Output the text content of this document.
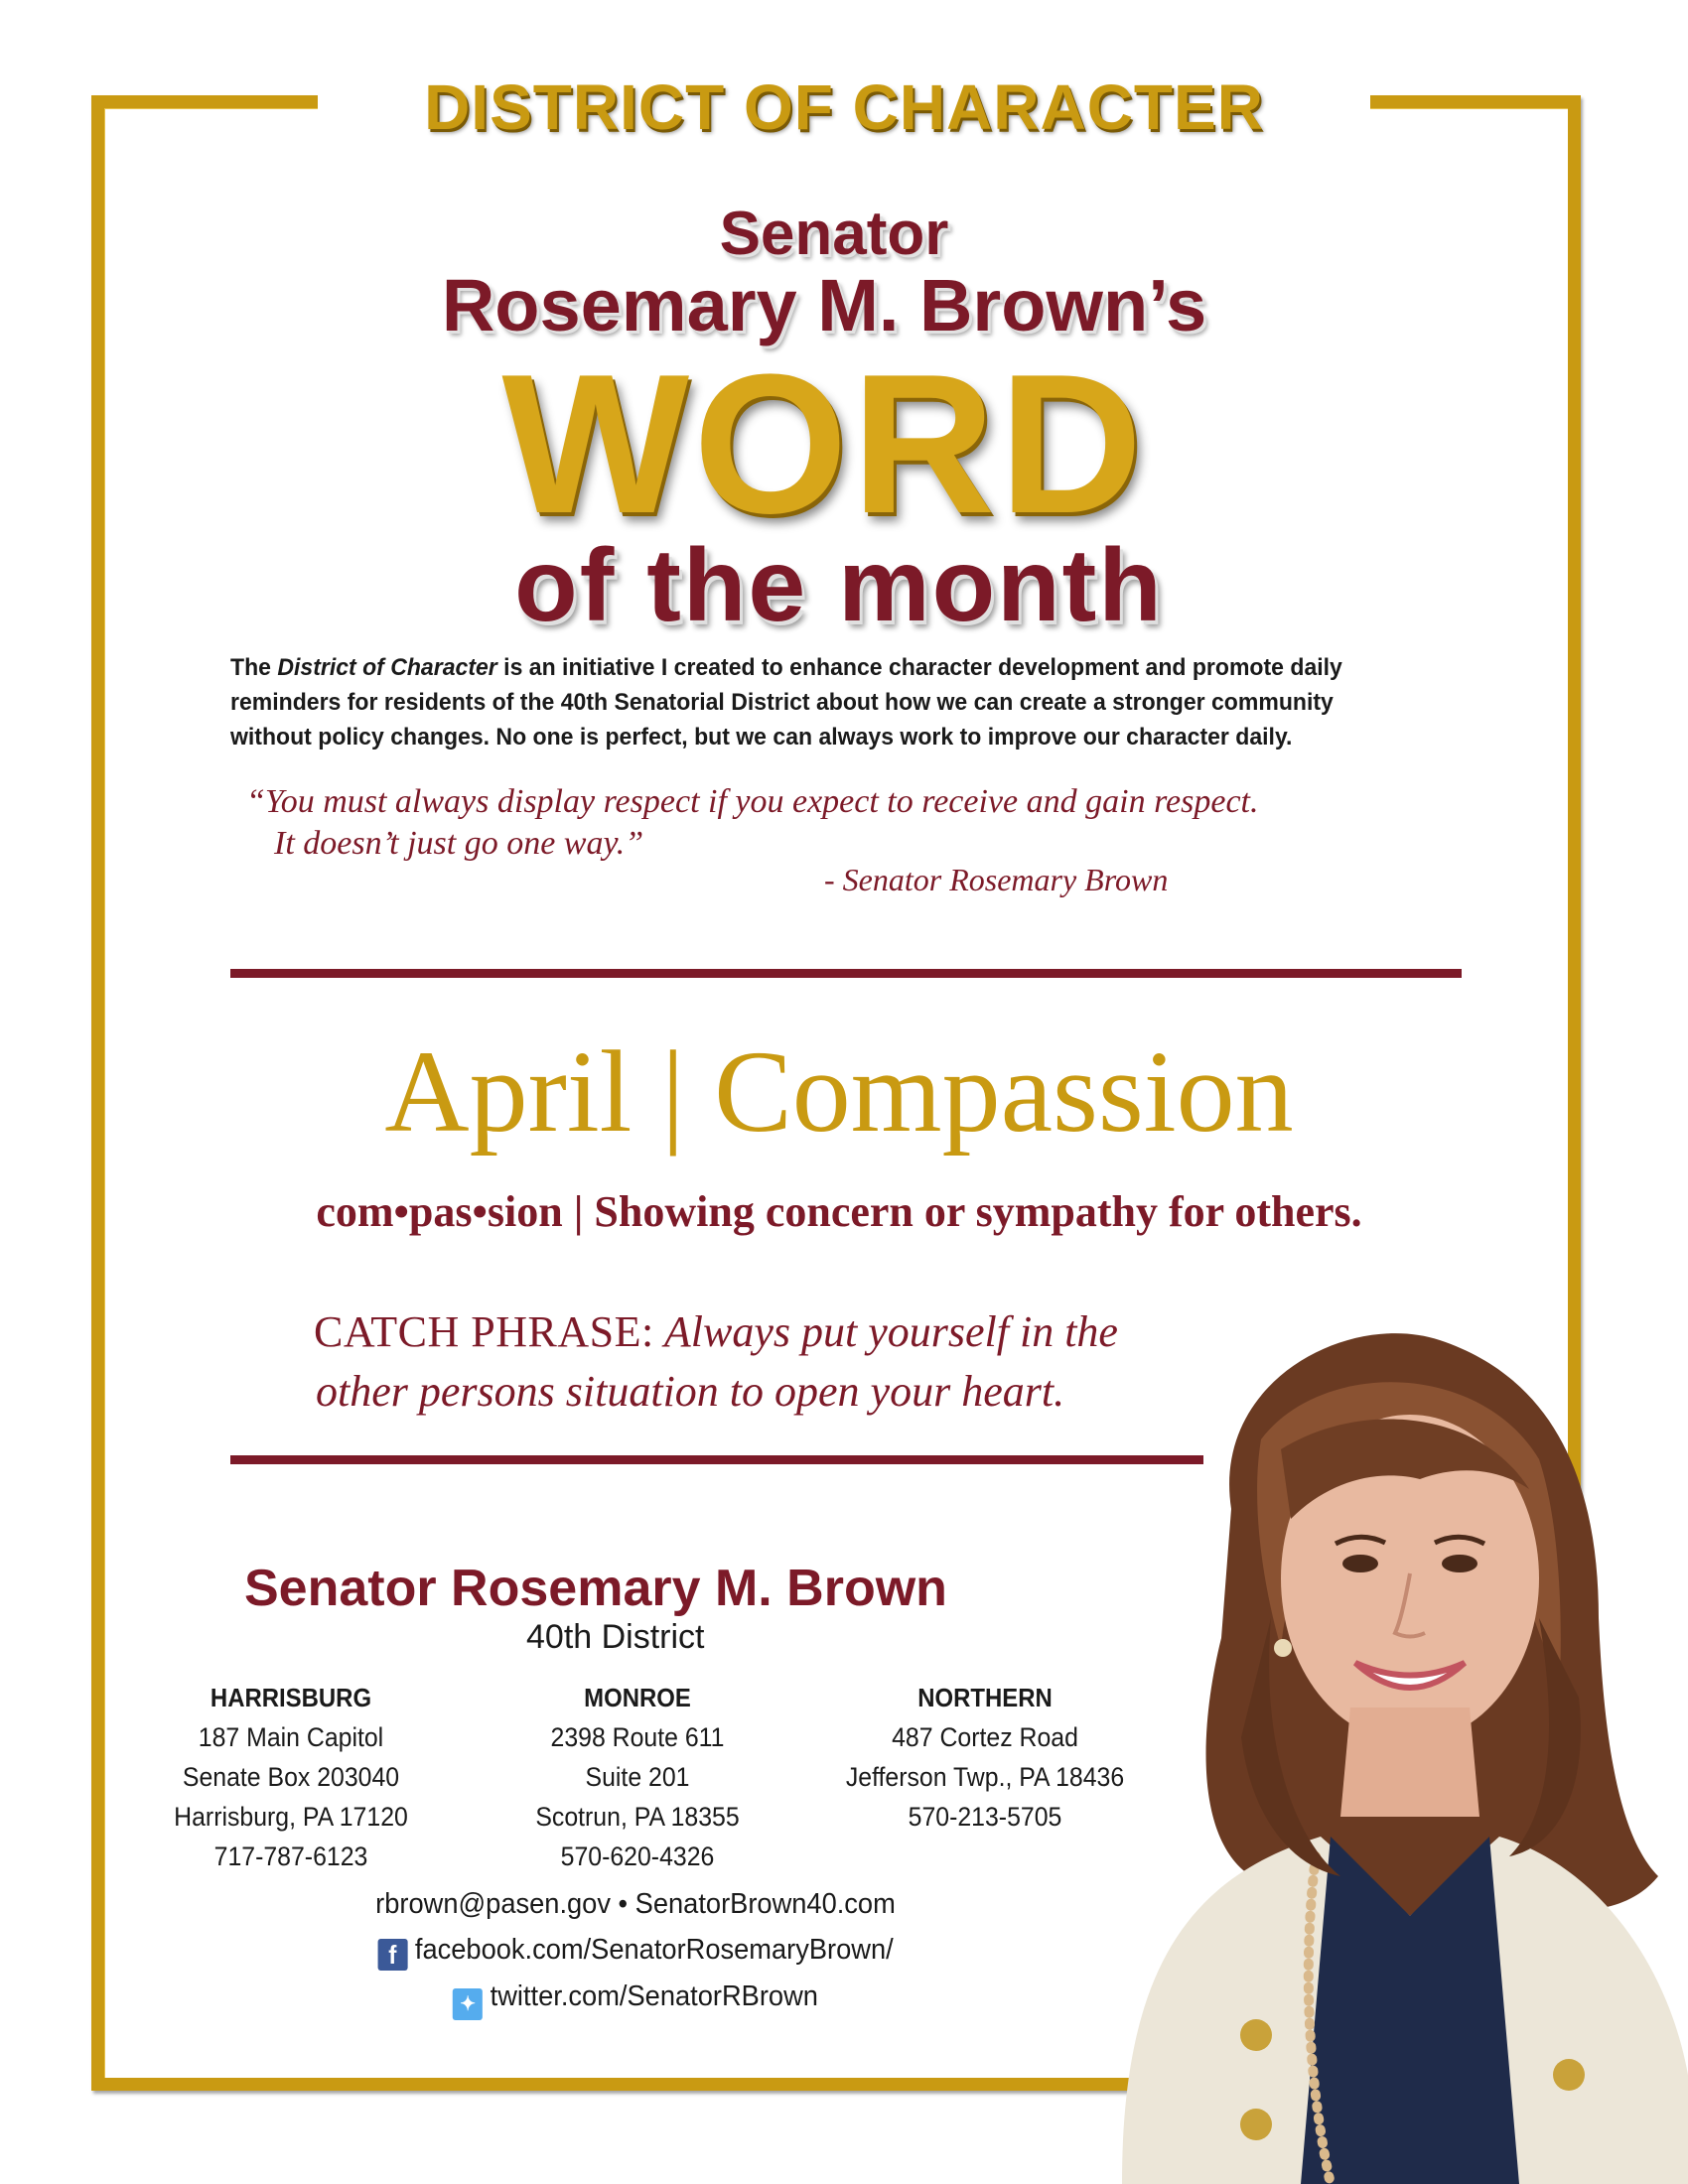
DISTRICT OF CHARACTER
Senator
Rosemary M. Brown’s
WORD
of the month
The District of Character is an initiative I created to enhance character development and promote daily reminders for residents of the 40th Senatorial District about how we can create a stronger community without policy changes. No one is perfect, but we can always work to improve our character daily.
“You must always display respect if you expect to receive and gain respect.
It doesn’t just go one way.”
- Senator Rosemary Brown
April | Compassion
com•pas•sion | Showing concern or sympathy for others.
CATCH PHRASE: Always put yourself in the
other persons situation to open your heart.
Senator Rosemary M. Brown
40th District
HARRISBURG
187 Main Capitol
Senate Box 203040
Harrisburg, PA 17120
717-787-6123
MONROE
2398 Route 611
Suite 201
Scotrun, PA 18355
570-620-4326
NORTHERN
487 Cortez Road
Jefferson Twp., PA 18436
570-213-5705
rbrown@pasen.gov • SenatorBrown40.com
f facebook.com/SenatorRosemaryBrown/
✦ twitter.com/SenatorRBrown
